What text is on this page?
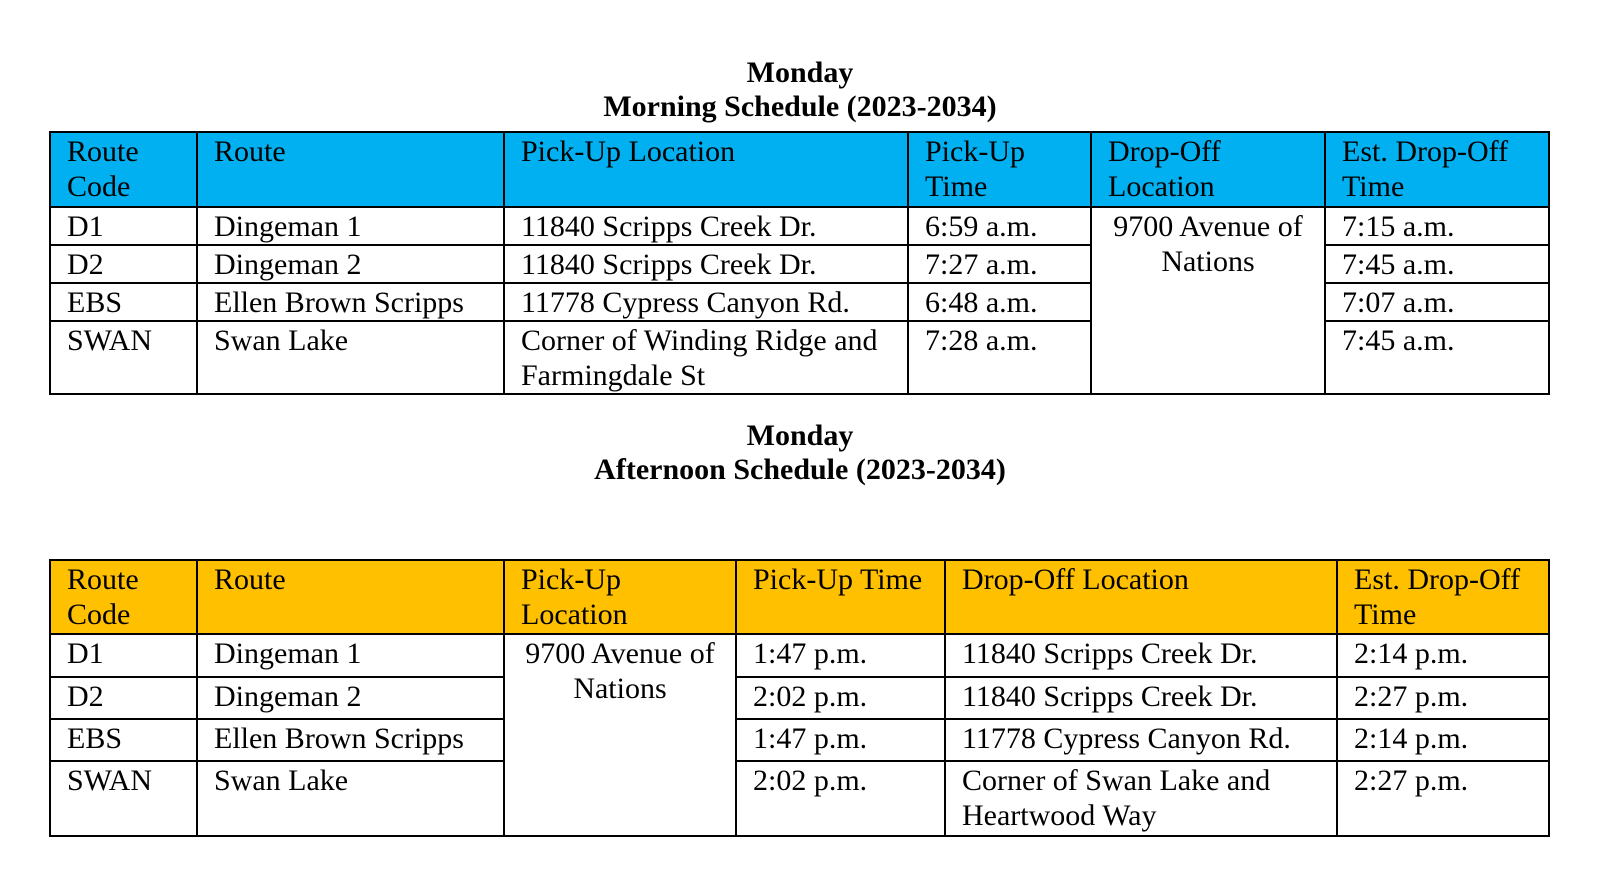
Monday
Morning Schedule (2023-2034)
Route Code	Route	Pick-Up Location	Pick-Up Time	Drop-Off Location	Est. Drop-Off Time
D1	Dingeman 1	11840 Scripps Creek Dr.	6:59 a.m.	9700 Avenue of Nations	7:15 a.m.
D2	Dingeman 2	11840 Scripps Creek Dr.	7:27 a.m.		7:45 a.m.
EBS	Ellen Brown Scripps	11778 Cypress Canyon Rd.	6:48 a.m.		7:07 a.m.
SWAN	Swan Lake	Corner of Winding Ridge and Farmingdale St	7:28 a.m.		7:45 a.m.
Monday
Afternoon Schedule (2023-2034)
Route Code	Route	Pick-Up Location	Pick-Up Time	Drop-Off Location	Est. Drop-Off Time
D1	Dingeman 1	9700 Avenue of Nations	1:47 p.m.	11840 Scripps Creek Dr.	2:14 p.m.
D2	Dingeman 2		2:02 p.m.	11840 Scripps Creek Dr.	2:27 p.m.
EBS	Ellen Brown Scripps		1:47 p.m.	11778 Cypress Canyon Rd.	2:14 p.m.
SWAN	Swan Lake		2:02 p.m.	Corner of Swan Lake and Heartwood Way	2:27 p.m.
